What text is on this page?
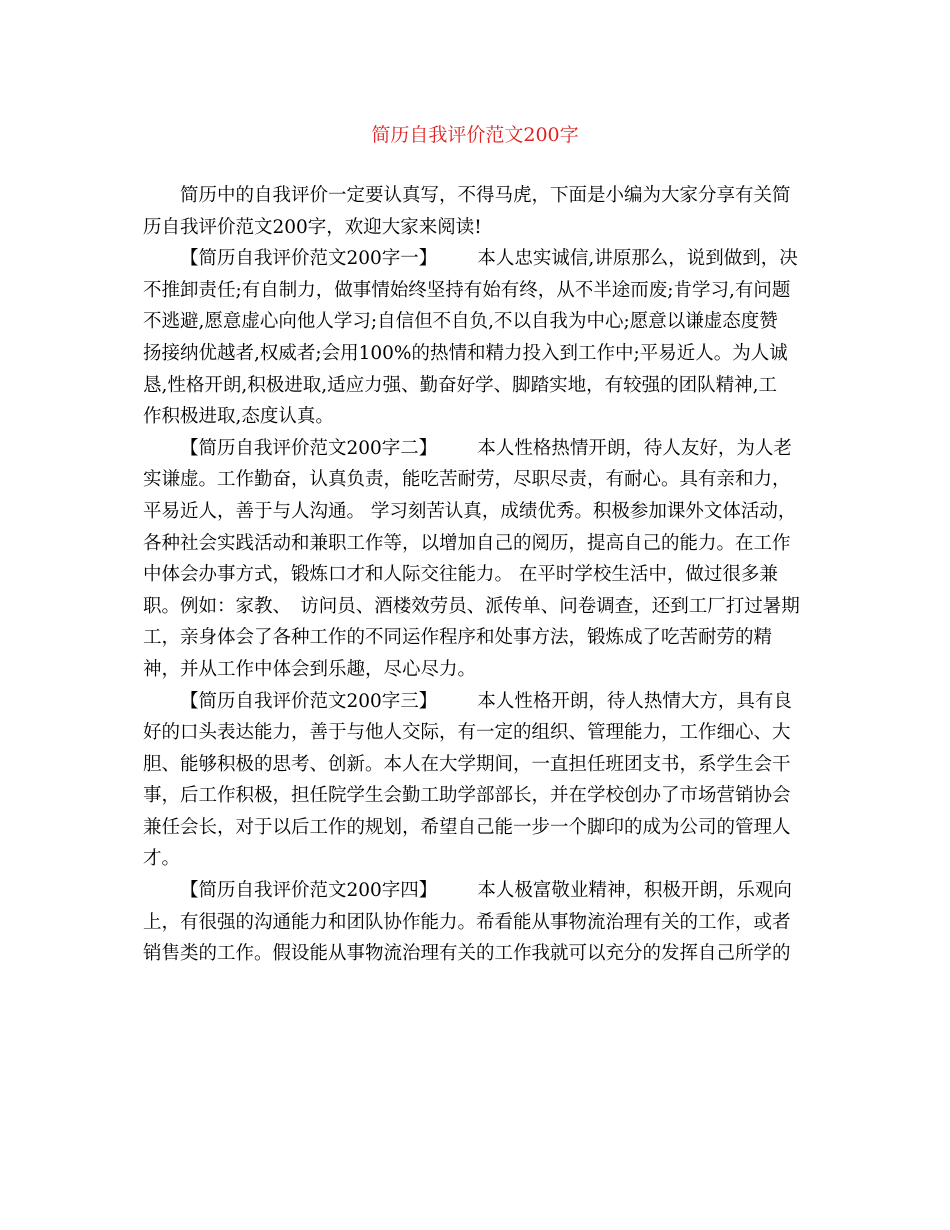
简历自我评价范文200字
简历中的自我评价一定要认真写，不得马虎，下面是小编为大家分享有关简
历自我评价范文200字，欢迎大家来阅读!
【简历自我评价范文200字一】 本人忠实诚信,讲原那么，说到做到，决
不推卸责任;有自制力，做事情始终坚持有始有终，从不半途而废;肯学习,有问题
不逃避,愿意虚心向他人学习;自信但不自负,不以自我为中心;愿意以谦虚态度赞
扬接纳优越者,权威者;会用100%的热情和精力投入到工作中;平易近人。为人诚
恳,性格开朗,积极进取,适应力强、勤奋好学、脚踏实地，有较强的团队精神,工
作积极进取,态度认真。
【简历自我评价范文200字二】 本人性格热情开朗，待人友好，为人老
实谦虚。工作勤奋，认真负责，能吃苦耐劳，尽职尽责，有耐心。具有亲和力，
平易近人，善于与人沟通。 学习刻苦认真，成绩优秀。积极参加课外文体活动，
各种社会实践活动和兼职工作等，以增加自己的阅历，提高自己的能力。在工作
中体会办事方式，锻炼口才和人际交往能力。 在平时学校生活中，做过很多兼
职。例如：家教、　访问员、酒楼效劳员、派传单、问卷调查，还到工厂打过暑期
工，亲身体会了各种工作的不同运作程序和处事方法，锻炼成了吃苦耐劳的精
神，并从工作中体会到乐趣，尽心尽力。
【简历自我评价范文200字三】 本人性格开朗，待人热情大方，具有良
好的口头表达能力，善于与他人交际，有一定的组织、管理能力，工作细心、大
胆、能够积极的思考、创新。本人在大学期间，一直担任班团支书，系学生会干
事，后工作积极，担任院学生会勤工助学部部长，并在学校创办了市场营销协会
兼任会长，对于以后工作的规划，希望自己能一步一个脚印的成为公司的管理人
才。
【简历自我评价范文200字四】 本人极富敬业精神，积极开朗，乐观向
上，有很强的沟通能力和团队协作能力。希看能从事物流治理有关的工作，或者
销售类的工作。假设能从事物流治理有关的工作我就可以充分的发挥自己所学的
